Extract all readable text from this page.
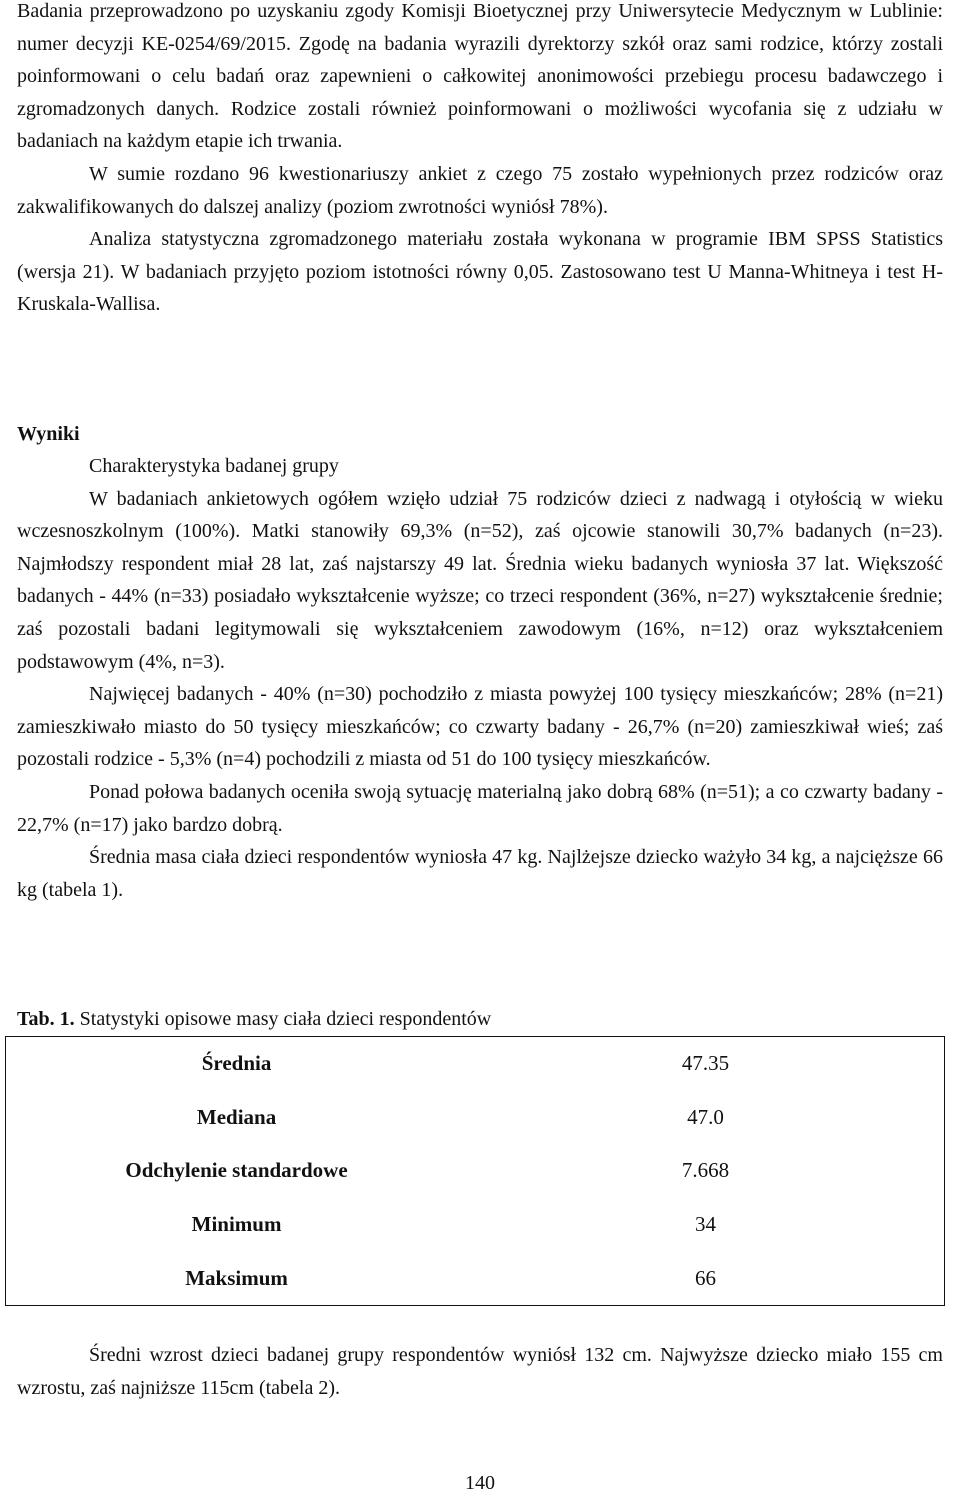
Badania przeprowadzono po uzyskaniu zgody Komisji Bioetycznej przy Uniwersytecie Medycznym w Lublinie: numer decyzji KE-0254/69/2015. Zgodę na badania wyrazili dyrektorzy szkół oraz sami rodzice, którzy zostali poinformowani o celu badań oraz zapewnieni o całkowitej anonimowości przebiegu procesu badawczego i zgromadzonych danych. Rodzice zostali również poinformowani o możliwości wycofania się z udziału w badaniach na każdym etapie ich trwania.

W sumie rozdano 96 kwestionariuszy ankiet z czego 75 zostało wypełnionych przez rodziców oraz zakwalifikowanych do dalszej analizy (poziom zwrotności wyniósł 78%).

Analiza statystyczna zgromadzonego materiału została wykonana w programie IBM SPSS Statistics (wersja 21). W badaniach przyjęto poziom istotności równy 0,05. Zastosowano test U Manna-Whitneya i test H-Kruskala-Wallisa.

Wyniki

Charakterystyka badanej grupy

W badaniach ankietowych ogółem wzięło udział 75 rodziców dzieci z nadwagą i otyłością w wieku wczesnoszkolnym (100%). Matki stanowiły 69,3% (n=52), zaś ojcowie stanowili 30,7% badanych (n=23). Najmłodszy respondent miał 28 lat, zaś najstarszy 49 lat. Średnia wieku badanych wyniosła 37 lat. Większość badanych - 44% (n=33) posiadało wykształcenie wyższe; co trzeci respondent (36%, n=27) wykształcenie średnie; zaś pozostali badani legitymowali się wykształceniem zawodowym (16%, n=12) oraz wykształceniem podstawowym (4%, n=3).

Najwięcej badanych - 40% (n=30) pochodziło z miasta powyżej 100 tysięcy mieszkańców; 28% (n=21) zamieszkiwało miasto do 50 tysięcy mieszkańców; co czwarty badany - 26,7% (n=20) zamieszkiwał wieś; zaś pozostali rodzice - 5,3% (n=4) pochodzili z miasta od 51 do 100 tysięcy mieszkańców.

Ponad połowa badanych oceniła swoją sytuację materialną jako dobrą 68% (n=51); a co czwarty badany - 22,7% (n=17) jako bardzo dobrą.

Średnia masa ciała dzieci respondentów wyniosła 47 kg. Najlżejsze dziecko ważyło 34 kg, a najcięższe 66 kg (tabela 1).

Tab. 1. Statystyki opisowe masy ciała dzieci respondentów
Średnia	47.35
Mediana	47.0
Odchylenie standardowe	7.668
Minimum	34
Maksimum	66

Średni wzrost dzieci badanej grupy respondentów wyniósł 132 cm. Najwyższe dziecko miało 155 cm wzrostu, zaś najniższe 115cm (tabela 2).

140
